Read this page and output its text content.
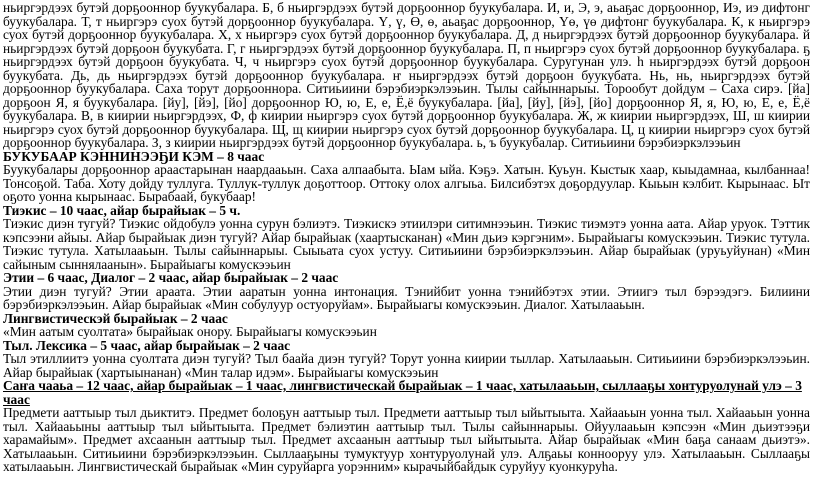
ньиргэрдээх бутэй дорҕооннор буукубалара. Б, б ньиргэрдээх бутэй дорҕооннор буукубалара. И, и, Э, э, аьаҕас дорҕооннор, Иэ, иэ дифтонг буукубалара. Т, т ньиргэрэ суох бутэй дорҕооннор буукубалара. Ү, ү, Ө, ө, аьаҕас дорҕооннор, Үө, үө дифтонг буукубалара. К, к ньиргэрэ суох бутэй дорҕооннор буукубалара. Х, х ньиргэрэ суох бутэй дорҕооннор буукубалара. Д, д ньиргэрдээх бутэй дорҕооннор буукубалара. й ньиргэрдээх бутэй дорҕоон буукубата. Г, г ньиргэрдээх бутэй дорҕооннор буукубалара. П, п ньиргэрэ суох бутэй дорҕооннор буукубалара. ҕ ньиргэрдээх бутэй дорҕоон буукубата. Ч, ч ньиргэрэ суох бутэй дорҕооннор буукубалара. Суругунан улэ. һ ньиргэрдээх бутэй дорҕоон буукубата. Дь, дь ньиргэрдээх бутэй дорҕооннор буукубалара. ҥ ньиргэрдээх бутэй дорҕоон буукубата. Нь, нь, ньиргэрдээх бутэй дорҕооннор буукубалара. Саха торут дорҕооннора. Ситиьиини бэрэбиэркэлээьин. Тылы сайыннарыы. Торообут дойдум – Саха сирэ. [йа] дорҕоон Я, я буукубалара. [йу], [йэ], [йо] дорҕооннор Ю, ю, Е, е, Ё,ё буукубалара. [йа], [йу], [йэ], [йо] дорҕооннор Я, я, Ю, ю, Е, е, Ё,ё буукубалара. В, в киирии ньиргэрдээх, Ф, ф киирии ньиргэрэ суох бутэй дорҕооннор буукубалара. Ж, ж киирии ньиргэрдээх, Ш, ш киирии ньиргэрэ суох бутэй дорҕооннор буукубалара. Щ, щ киирии ньиргэрэ суох бутэй дорҕооннор буукубалара. Ц, ц киирии ньиргэрэ суох бутэй дорҕооннор буукубалара. З, з киирии ньиргэрдээх бутэй дорҕооннор буукубалара. ь, ъ буукубалар. Ситиьиини бэрэбиэркэлээьин

БУКУБААР КЭННИНЭЭҔИ КЭМ – 8 чаас

Буукубалары дорҕооннор араастарынан наардааьын. Саха алпаабыта. Ыам ыйа. Кэҕэ. Хатын. Куьун. Кыстык хаар, кыыдамнаа, кылбаннаа! Тонсоҕой. Таба. Хоту дойду туллуга. Туллук-туллук доҕоттоор. Оттоку олох алгыьа. Билсибэтэх доҕордуулар. Кыьын кэлбит. Кырынаас. Ыт оҕото уонна кырынаас. Бырабаай, букубаар!

Тиэкис – 10 чаас, айар бырайыак – 5 ч.

Тиэкис диэн тугуй? Тиэкис ойдобулэ уонна сурун бэлиэтэ. Тиэкискэ этиилэри ситимнээьин. Тиэкис тиэмэтэ уонна аата. Айар уруок. Тэттик кэпсээни айыы. Айар бырайыак диэн тугуй? Айар бырайыак (хаартысканан) «Мин дьиэ кэргэним». Бырайыагы комускээьин. Тиэкис тутула. Тиэкис тутула. Хатылааьын. Тылы сайыннарыы. Сыыьата суох устуу. Ситиьиини бэрэбиэркэлээьин. Айар бырайыак (уруьуйунан) «Мин сайыным сыннялаанын». Бырайыагы комускээьин

Этии – 6 чаас, Диалог – 2 чаас, айар бырайыак – 2 чаас

Этии диэн тугуй? Этии араата. Этии ааратын уонна интонация. Тэнийбит уонна тэнийбэтэх этии. Этиигэ тыл бэрээдэгэ. Билиини бэрэбиэркэлээьин. Айар бырайыак «Мин собулуур остуоруйам». Бырайыагы комускээьин. Диалог. Хатылааьын.

Лингвистическэй бырайыак – 2 чаас

«Мин аатым суолтата» бырайыак онору. Бырайыагы комускээьин

Тыл. Лексика – 5 чаас, айар бырайыак – 2 чаас

Тыл этиллиитэ уонна суолтата диэн тугуй? Тыл баайа диэн тугуй? Торут уонна киирии тыллар. Хатылааьын. Ситиьиини бэрэбиэркэлээьин. Айар бырайыак (хартыынанан) «Мин талар идэм». Бырайыагы комускээьин

Саҥа чааьа – 12 чаас, айар бырайыак – 1 чаас, лингвистическай бырайыак – 1 чаас, хатылааьын, сыллааҕы хонтуруолунай улэ – 3 чаас

Предмети ааттыыр тыл дьиктитэ. Предмет болоҕун ааттыыр тыл. Предмети ааттыыр тыл ыйытыыта. Хайааьын уонна тыл. Хайааьын уонна тыл. Хайааьыны ааттыыр тыл ыйытыыта. Предмет бэлиэтин ааттыыр тыл. Тылы сайыннарыы. Ойуулааьын кэпсээн «Мин дьиэтээҕи харамайым». Предмет ахсаанын ааттыыр тыл. Предмет ахсаанын ааттыыр тыл ыйытыыта. Айар бырайыак «Мин баҕа санаам дьиэтэ». Хатылааьын. Ситиьиини бэрэбиэркэлээьин. Сыллааҕыны тумуктуур хонтуруолунай улэ. Алҕаьы коннооруу улэ. Хатылааьын. Сыллааҕы хатылааьын. Лингвистическай бырайыак «Мин суруйарга уорэнним» кырачыйбайдык суруйуу куонкуруһа.
